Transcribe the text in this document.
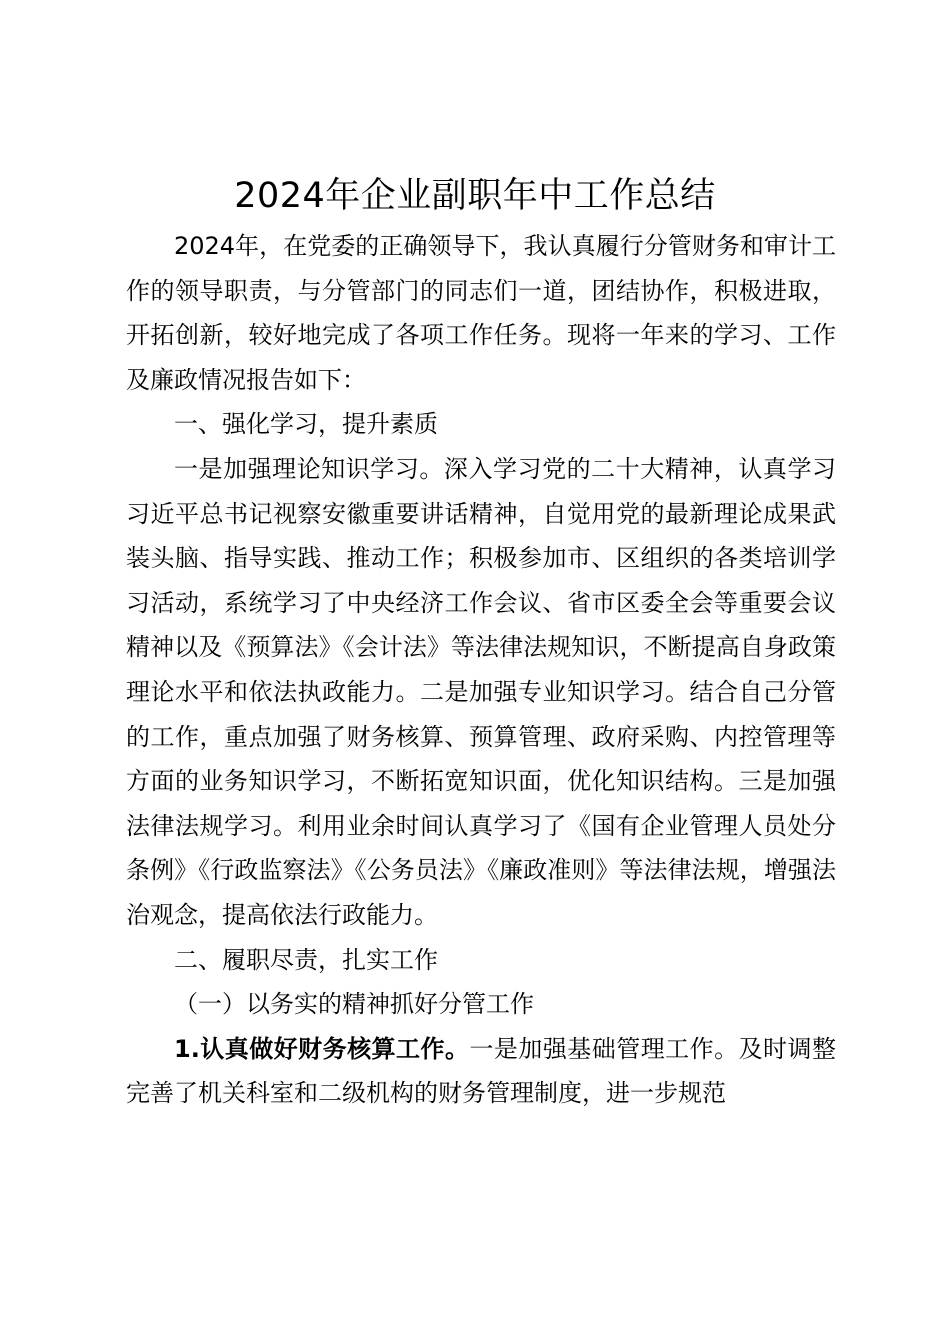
2024年企业副职年中工作总结

2024年，在党委的正确领导下，我认真履行分管财务和审计工作的领导职责，与分管部门的同志们一道，团结协作，积极进取，开拓创新，较好地完成了各项工作任务。现将一年来的学习、工作及廉政情况报告如下：

一、强化学习，提升素质

一是加强理论知识学习。深入学习党的二十大精神，认真学习习近平总书记视察安徽重要讲话精神，自觉用党的最新理论成果武装头脑、指导实践、推动工作；积极参加市、区组织的各类培训学习活动，系统学习了中央经济工作会议、省市区委全会等重要会议精神以及《预算法》《会计法》等法律法规知识，不断提高自身政策理论水平和依法执政能力。二是加强专业知识学习。结合自己分管的工作，重点加强了财务核算、预算管理、政府采购、内控管理等方面的业务知识学习，不断拓宽知识面，优化知识结构。三是加强法律法规学习。利用业余时间认真学习了《国有企业管理人员处分条例》《行政监察法》《公务员法》《廉政准则》等法律法规，增强法治观念，提高依法行政能力。

二、履职尽责，扎实工作

（一）以务实的精神抓好分管工作

1.认真做好财务核算工作。一是加强基础管理工作。及时调整完善了机关科室和二级机构的财务管理制度，进一步规范
